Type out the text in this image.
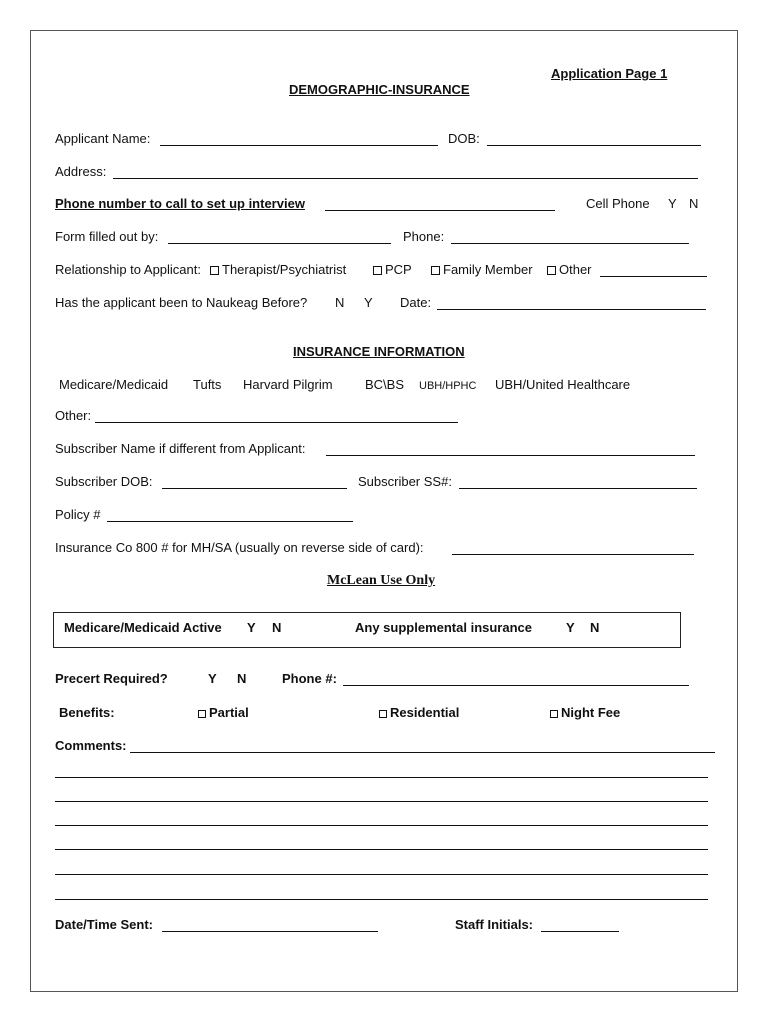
Application Page 1
DEMOGRAPHIC-INSURANCE
Applicant Name:	DOB:
Address:
Phone number to call to set up interview	Cell Phone Y N
Form filled out by:	Phone:
Relationship to Applicant:	Therapist/Psychiatrist	PCP	Family Member	Other
Has the applicant been to Naukeag Before? N Y Date:
INSURANCE INFORMATION
Medicare/Medicaid Tufts Harvard Pilgrim BC\BS UBH/HPHC UBH/United Healthcare
Other:
Subscriber Name if different from Applicant:
Subscriber DOB:	Subscriber SS#:
Policy #
Insurance Co 800 # for MH/SA (usually on reverse side of card):
McLean Use Only
Medicare/Medicaid Active Y N	Any supplemental insurance	Y N
Precert Required?	Y N	Phone #:
Benefits:	Partial	Residential	Night Fee
Comments:
Date/Time Sent:	Staff Initials:
